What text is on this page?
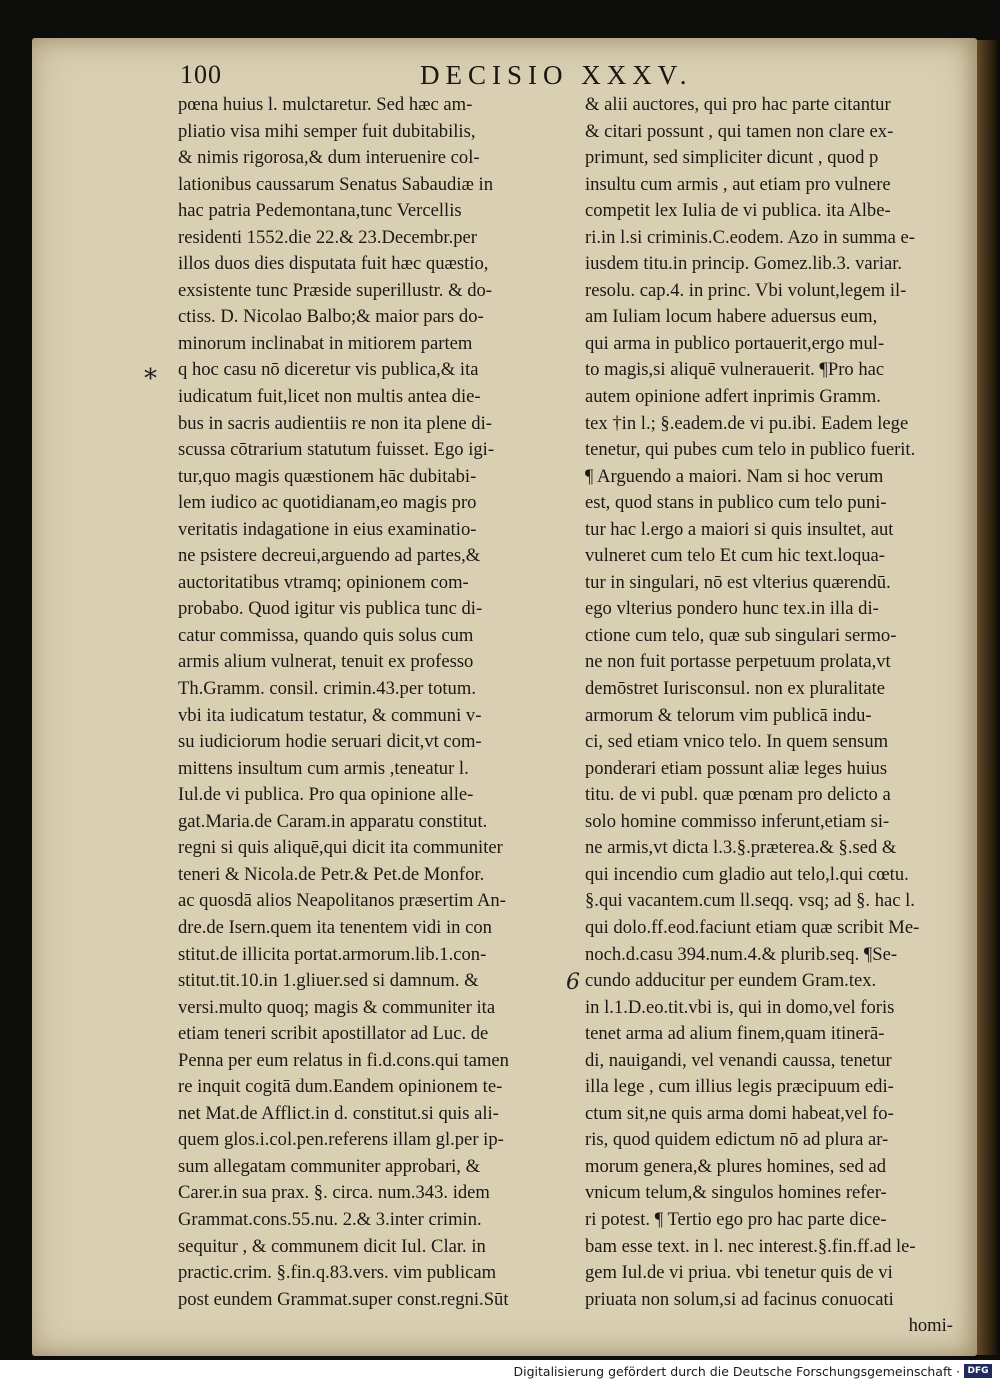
100	DECISIO XXXV.
pœna huius l. mulctaretur. Sed hæc am-
pliatio visa mihi semper fuit dubitabilis,
& nimis rigorosa,& dum interuenire col-
lationibus caussarum Senatus Sabaudiæ in
hac patria Pedemontana,tunc Vercellis
residenti 1552.die 22.& 23.Decembr.per
illos duos dies disputata fuit hæc quæstio,
exsistente tunc Præside superillustr. & do-
ctiss. D. Nicolao Balbo;& maior pars do-
minorum inclinabat in mitiorem partem
q hoc casu nō diceretur vis publica,& ita
iudicatum fuit,licet non multis antea die-
bus in sacris audientiis re non ita plene di-
scussa cōtrarium statutum fuisset. Ego igi-
tur,quo magis quæstionem hāc dubitabi-
lem iudico ac quotidianam,eo magis pro
veritatis indagatione in eius examinatio-
ne psistere decreui,arguendo ad partes,&
auctoritatibus vtramq; opinionem com-
probabo. Quod igitur vis publica tunc di-
catur commissa, quando quis solus cum
armis alium vulnerat, tenuit ex professo
Th.Gramm. consil. crimin.43.per totum.
vbi ita iudicatum testatur, & communi v-
su iudiciorum hodie seruari dicit,vt com-
mittens insultum cum armis ,teneatur l.
Iul.de vi publica. Pro qua opinione alle-
gat.Maria.de Caram.in apparatu constitut.
regni si quis aliquē,qui dicit ita communiter
teneri & Nicola.de Petr.& Pet.de Monfor.
ac quosdā alios Neapolitanos præsertim An-
dre.de Isern.quem ita tenentem vidi in con
stitut.de illicita portat.armorum.lib.1.con-
stitut.tit.10.in 1.gliuer.sed si damnum. &
versi.multo quoq; magis & communiter ita
etiam teneri scribit apostillator ad Luc. de
Penna per eum relatus in fi.d.cons.qui tamen
re inquit cogitā dum.Eandem opinionem te-
net Mat.de Afflict.in d. constitut.si quis ali-
quem glos.i.col.pen.referens illam gl.per ip-
sum allegatam communiter approbari, &
Carer.in sua prax. §. circa. num.343. idem
Grammat.cons.55.nu. 2.& 3.inter crimin.
sequitur , & communem dicit Iul. Clar. in
practic.crim. §.fin.q.83.vers. vim publicam
post eundem Grammat.super const.regni.Sūt
& alii auctores, qui pro hac parte citantur
& citari possunt , qui tamen non clare ex-
primunt, sed simpliciter dicunt , quod p
insultu cum armis , aut etiam pro vulnere
competit lex Iulia de vi publica. ita Albe-
ri.in l.si criminis.C.eodem. Azo in summa e-
iusdem titu.in princip. Gomez.lib.3. variar.
resolu. cap.4. in princ. Vbi volunt,legem il-
am Iuliam locum habere aduersus eum,
qui arma in publico portauerit,ergo mul-
to magis,si aliquē vulnerauerit. ¶Pro hac
autem opinione adfert inprimis Gramm.
tex †in l.; §.eadem.de vi pu.ibi. Eadem lege
tenetur, qui pubes cum telo in publico fuerit.
¶ Arguendo a maiori. Nam si hoc verum
est, quod stans in publico cum telo puni-
tur hac l.ergo a maiori si quis insultet, aut
vulneret cum telo Et cum hic text.loqua-
tur in singulari, nō est vlterius quærendū.
ego vlterius pondero hunc tex.in illa di-
ctione cum telo, quæ sub singulari sermo-
ne non fuit portasse perpetuum prolata,vt
demōstret Iurisconsul. non ex pluralitate
armorum & telorum vim publicā indu-
ci, sed etiam vnico telo. In quem sensum
ponderari etiam possunt aliæ leges huius
titu. de vi publ. quæ pœnam pro delicto a
solo homine commisso inferunt,etiam si-
ne armis,vt dicta l.3.§.præterea.& §.sed &
qui incendio cum gladio aut telo,l.qui cœtu.
§.qui vacantem.cum ll.seqq. vsq; ad §. hac l.
qui dolo.ff.eod.faciunt etiam quæ scribit Me-
noch.d.casu 394.num.4.& plurib.seq. ¶Se-
cundo adducitur per eundem Gram.tex.
in l.1.D.eo.tit.vbi is, qui in domo,vel foris
tenet arma ad alium finem,quam itinerā-
di, nauigandi, vel venandi caussa, tenetur
illa lege , cum illius legis præcipuum edi-
ctum sit,ne quis arma domi habeat,vel fo-
ris, quod quidem edictum nō ad plura ar-
morum genera,& plures homines, sed ad
vnicum telum,& singulos homines refer-
ri potest. ¶ Tertio ego pro hac parte dice-
bam esse text. in l. nec interest.§.fin.ff.ad le-
gem Iul.de vi priua. vbi tenetur quis de vi
priuata non solum,si ad facinus conuocati
homi-
*
6
Digitalisierung gefördert durch die Deutsche Forschungsgemeinschaft · DFG
